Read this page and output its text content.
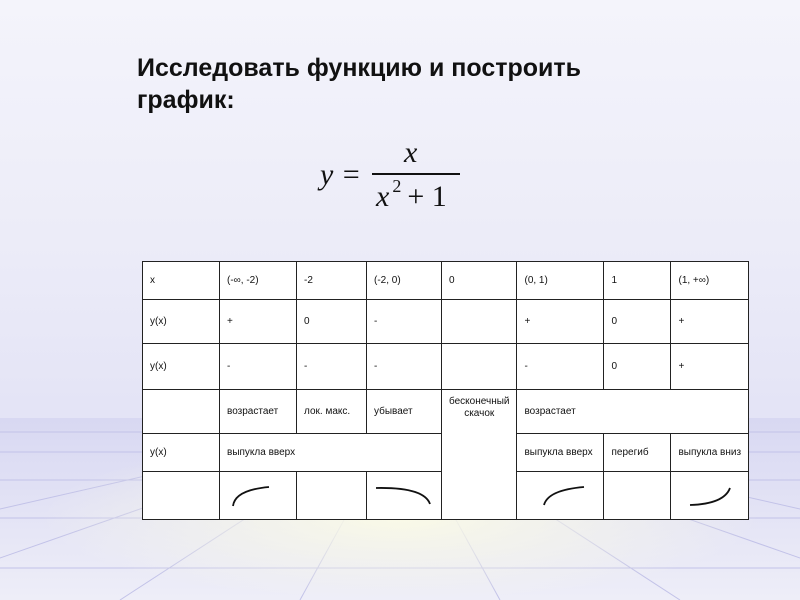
Исследовать функцию и построить график:
y =
x
x $^2$ + 1
x	(-∞, -2)	-2	(-2, 0)	0	(0, 1)	1	(1, +∞)
y(x)	+	0	-		+	0	+
y(x)	-	-	-		-	0	+
	возрастает	лок. макс.	убывает	бесконечный скачок	возрастает		
y(x)	выпукла вверх				выпукла вверх	перегиб	выпукла вниз
